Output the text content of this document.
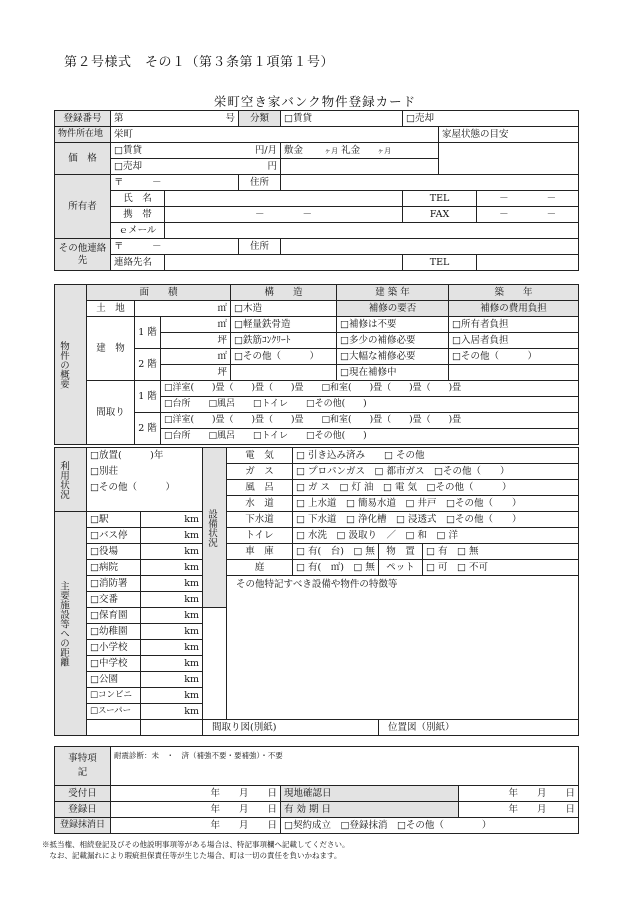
第２号様式　その１（第３条第１項第１号）
栄町空き家バンク物件登録カード
登録番号	第 号		分類	□賃貸	□売却		
物件所在地	栄町					家屋状態の目安	
価　格	□賃貸 円/月			敷金 ヶ月 礼金 ヶ月			
	□売却 円						

所有者	〒　　　－		住所				
	氏　名				TEL		－　　　　－
	携　帯	－　　　　－			FAX		－　　　　－
	ｅメール						
その他連絡先	〒　　　－		住所				
	連絡先名				TEL		
物件の概要	面　　積			構　　造	建 築 年	築　　年
	土　地	㎡		□木造	補修の要否	補修の費用負担
	建　物	1 階	㎡	□軽量鉄骨造	□補修は不要	□所有者負担
			坪	□鉄筋ｺﾝｸﾘｰﾄ	□多少の補修必要	□入居者負担
		2 階	㎡	□その他（　　　）	□大幅な補修必要	□その他（　　　）
			坪		□現在補修中	
	間取り	1 階	□洋室(　　)畳（　　)畳（　　)畳　　□和室(　　)畳（　　)畳（　　)畳			
			□台所　　□風呂　　□トイレ　　□その他(　　)			
		2 階	□洋室(　　)畳（　　)畳（　　)畳　　□和室(　　)畳（　　)畳（　　)畳			
			□台所　　□風呂　　□トイレ　　□その他(　　)			
利用状況	□放置(　　　)年		設備状況	電　気	□ 引き込み済み　　□ その他		
	□別荘			ガ　ス	□ プロパンガス　□ 都市ガス　□その他（　　）		
	□その他（　　　）			風　呂	□ ガ ス　□ 灯 油　□ 電 気　□その他（　　　）		
				水　道	□ 上水道　□ 簡易水道　□ 井戸　□その他（　　）		

主要施設等への距離	□駅	km		下水道	□ 下水道　□ 浄化槽　□ 浸透式　□その他（　　）		
	□バス停	km		トイレ	□ 水洗　□ 汲取り　／　□ 和　□ 洋		
	□役場	km		車　庫	□ 有(　台)　□ 無	物　置	□ 有　□ 無
	□病院	km		庭	□ 有(　㎡)　□ 無	ペット	□ 可　□ 不可
	□消防署	km		その他特記すべき設備や物件の特徴等			
	□交番	km					
	□保育園	km					
	□幼稚園	km					
	□小学校	km					
	□中学校	km					
	□公園	km					
	□コンビニ	km					
	□スーパー	km					
			間取り図(別紙)			位置図（別紙）	
事特項記	耐震診断：未　・　済（補強不要・要補強）・不要		
受付日	年　　月　　日	現地確認日	年　　月　　日
登録日	年　　月　　日	有 効 期 日	年　　月　　日
登録抹消日	年　　月　　日	□契約成立　□登録抹消　□その他（　　　　）	
※抵当権、相続登記及びその他説明事項等がある場合は、特記事項欄へ記載してください。
　なお、記載漏れにより瑕疵担保責任等が生じた場合、町は一切の責任を負いかねます。
